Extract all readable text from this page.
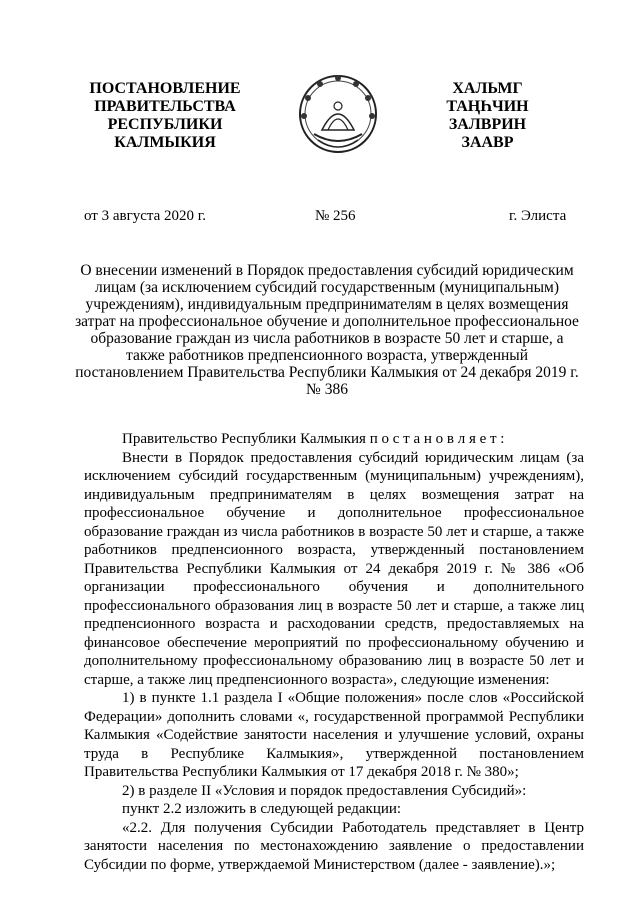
ПОСТАНОВЛЕНИЕ
ПРАВИТЕЛЬСТВА
РЕСПУБЛИКИ
КАЛМЫКИЯ
ХАЛЬМГ
ТАҢҺЧИН
ЗАЛВРИН
ЗААВР
от 3 августа 2020 г.	№ 256	г. Элиста
О внесении изменений в Порядок предоставления субсидий юридическим лицам (за исключением субсидий государственным (муниципальным) учреждениям), индивидуальным предпринимателям в целях возмещения затрат на профессиональное обучение и дополнительное профессиональное образование граждан из числа работников в возрасте 50 лет и старше, а также работников предпенсионного возраста, утвержденный постановлением Правительства Республики Калмыкия от 24 декабря 2019 г. № 386

Правительство Республики Калмыкия п о с т а н о в л я е т :

Внести в Порядок предоставления субсидий юридическим лицам (за исключением субсидий государственным (муниципальным) учреждениям), индивидуальным предпринимателям в целях возмещения затрат на профессиональное обучение и дополнительное профессиональное образование граждан из числа работников в возрасте 50 лет и старше, а также работников предпенсионного возраста, утвержденный постановлением Правительства Республики Калмыкия от 24 декабря 2019 г. № 386 «Об организации профессионального обучения и дополнительного профессионального образования лиц в возрасте 50 лет и старше, а также лиц предпенсионного возраста и расходовании средств, предоставляемых на финансовое обеспечение мероприятий по профессиональному обучению и дополнительному профессиональному образованию лиц в возрасте 50 лет и старше, а также лиц предпенсионного возраста», следующие изменения:

1) в пункте 1.1 раздела I «Общие положения» после слов «Российской Федерации» дополнить словами «, государственной программой Республики Калмыкия «Содействие занятости населения и улучшение условий, охраны труда в Республике Калмыкия», утвержденной постановлением Правительства Республики Калмыкия от 17 декабря 2018 г. № 380»;

2) в разделе II «Условия и порядок предоставления Субсидий»:

пункт 2.2 изложить в следующей редакции:

«2.2. Для получения Субсидии Работодатель представляет в Центр занятости населения по местонахождению заявление о предоставлении Субсидии по форме, утверждаемой Министерством (далее - заявление).»;
